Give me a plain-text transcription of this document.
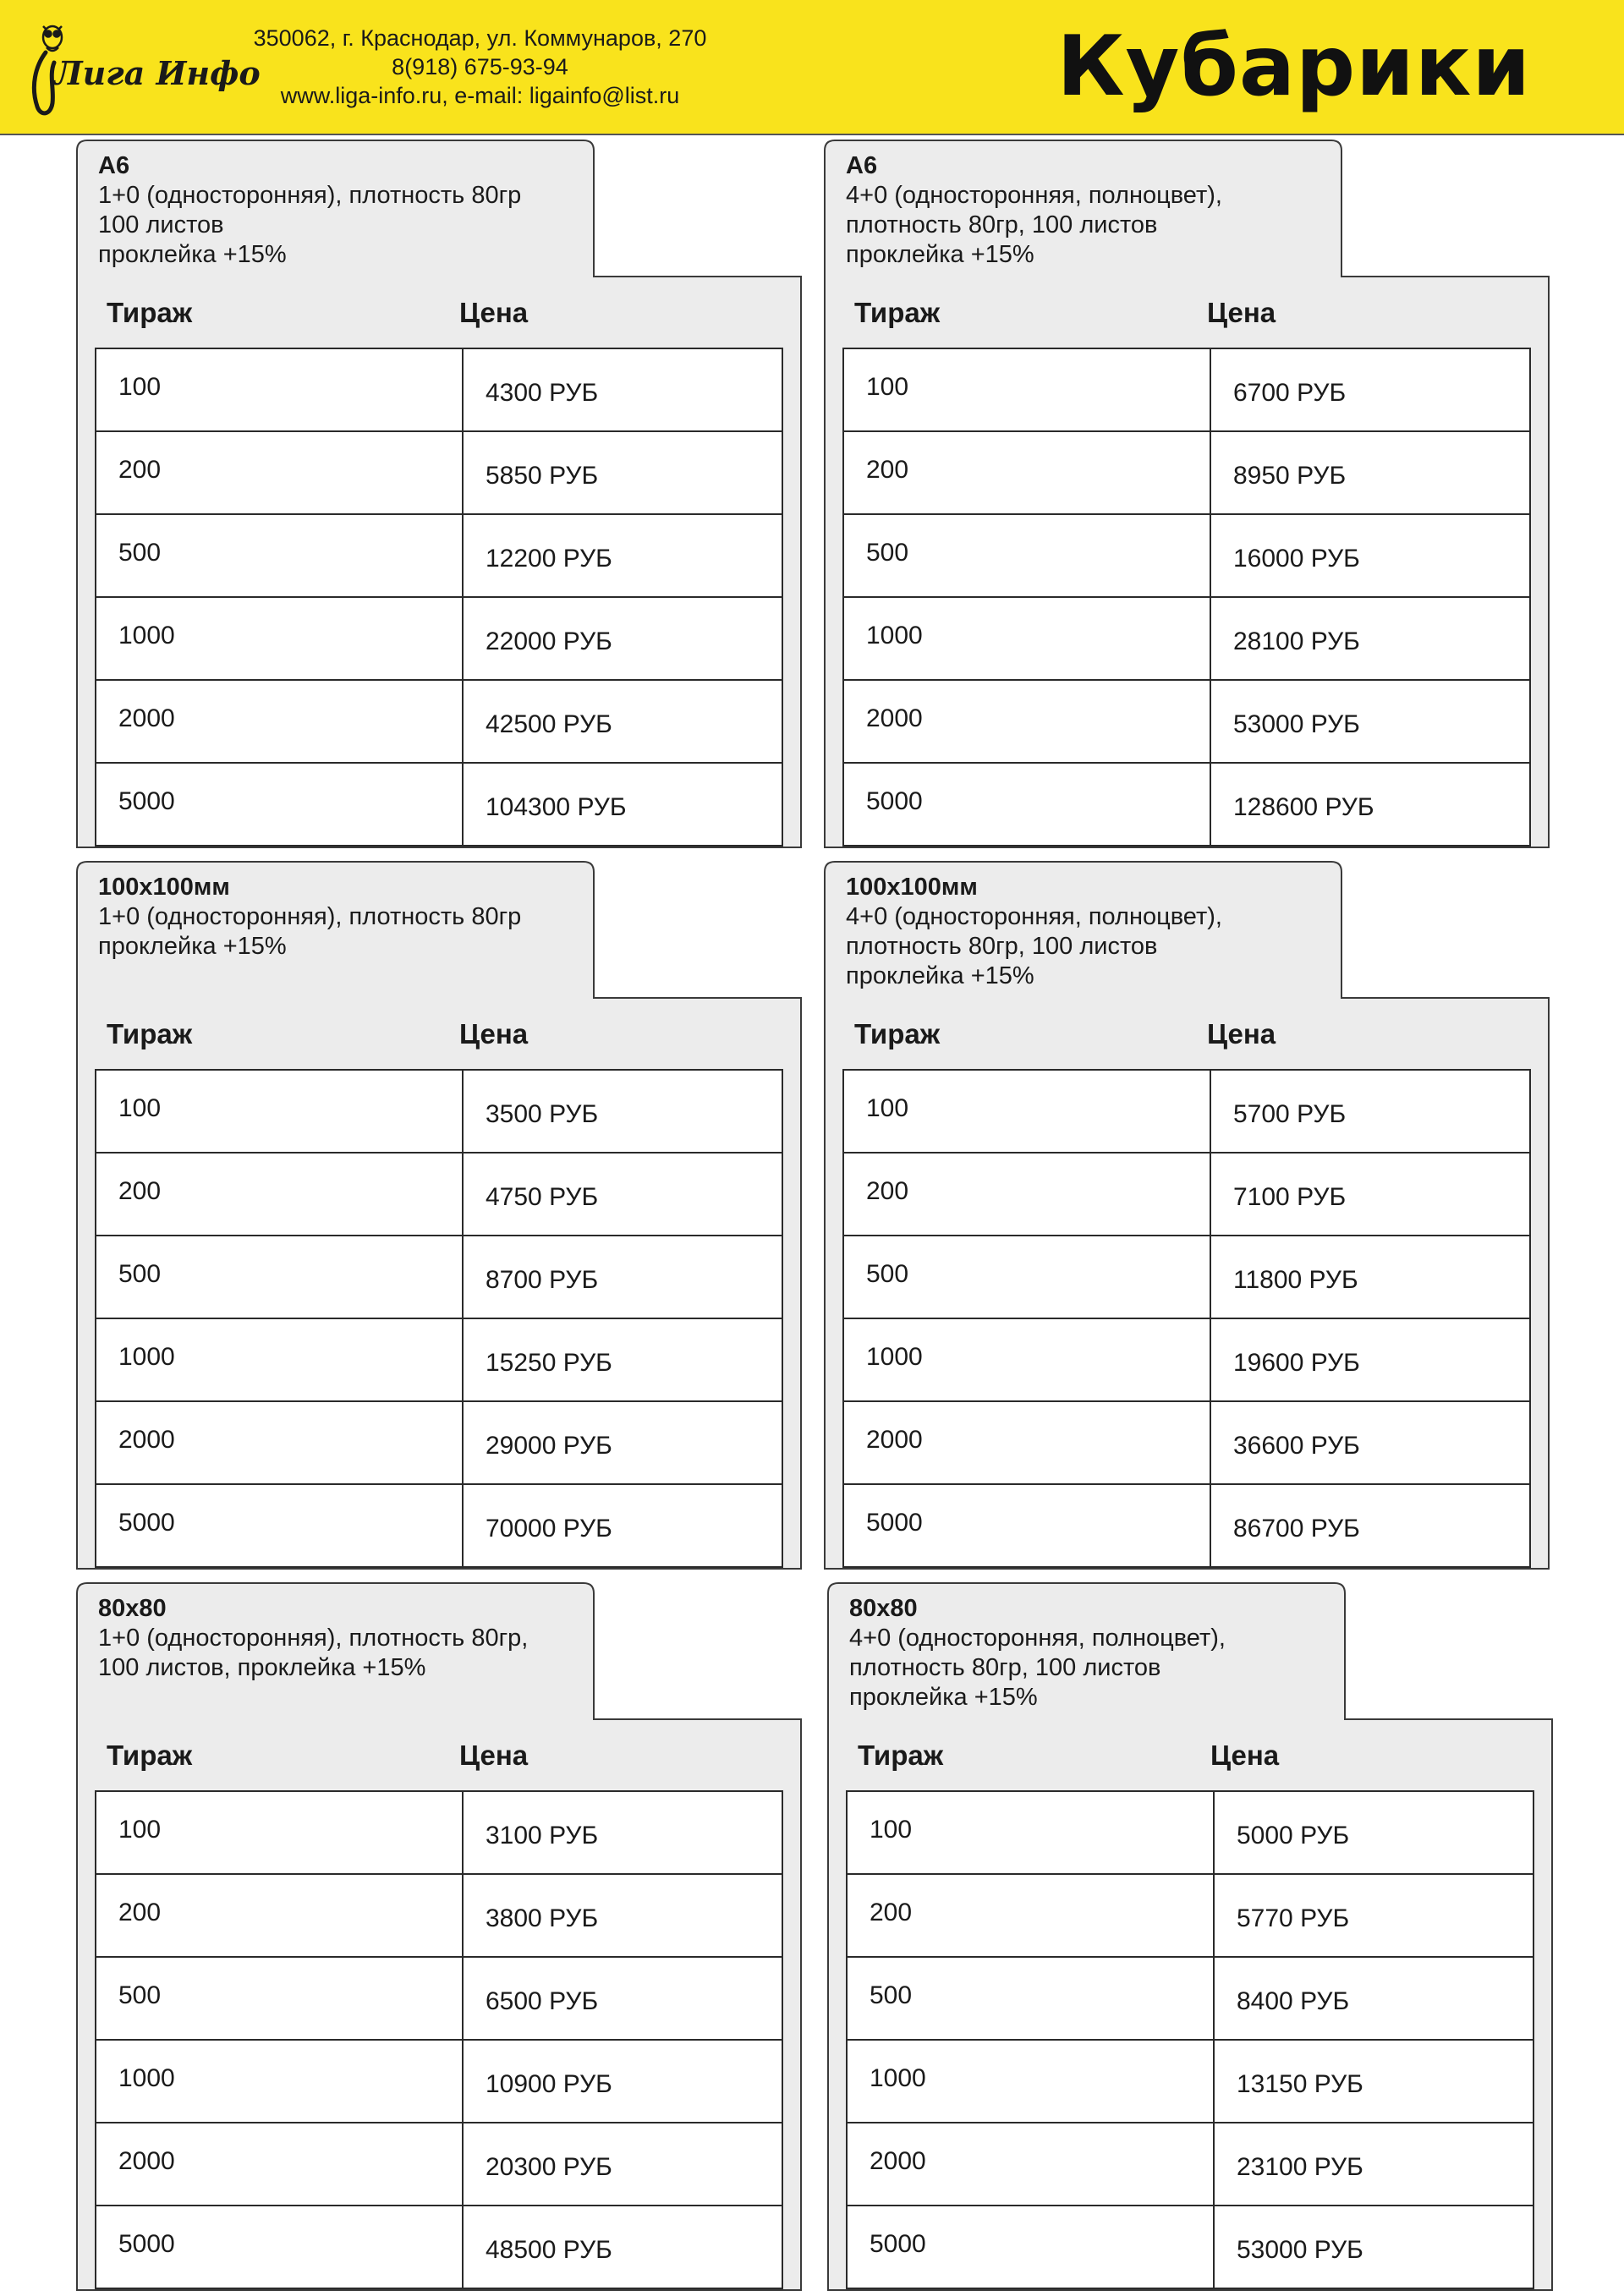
Лига Инфо
350062, г. Краснодар, ул. Коммунаров, 270
8(918) 675-93-94
www.liga-info.ru, e-mail: ligainfo@list.ru	Кубарики
А6
1+0 (односторонняя), плотность 80гр
100 листов
проклейка +15%
Тираж	Цена
100	4300 РУБ
200	5850 РУБ
500	12200 РУБ
1000	22000 РУБ
2000	42500 РУБ
5000	104300 РУБ
А6
4+0 (односторонняя, полноцвет),
плотность 80гр, 100 листов
проклейка +15%
Тираж	Цена
100	6700 РУБ
200	8950 РУБ
500	16000 РУБ
1000	28100 РУБ
2000	53000 РУБ
5000	128600 РУБ
100х100мм
1+0 (односторонняя), плотность 80гр
проклейка +15%
Тираж	Цена
100	3500 РУБ
200	4750 РУБ
500	8700 РУБ
1000	15250 РУБ
2000	29000 РУБ
5000	70000 РУБ
100х100мм
4+0 (односторонняя, полноцвет),
плотность 80гр, 100 листов
проклейка +15%
Тираж	Цена
100	5700 РУБ
200	7100 РУБ
500	11800 РУБ
1000	19600 РУБ
2000	36600 РУБ
5000	86700 РУБ
80х80
1+0 (односторонняя), плотность 80гр,
100 листов, проклейка +15%
Тираж	Цена
100	3100 РУБ
200	3800 РУБ
500	6500 РУБ
1000	10900 РУБ
2000	20300 РУБ
5000	48500 РУБ
80х80
4+0 (односторонняя, полноцвет),
плотность 80гр, 100 листов
проклейка +15%
Тираж	Цена
100	5000 РУБ
200	5770 РУБ
500	8400 РУБ
1000	13150 РУБ
2000	23100 РУБ
5000	53000 РУБ
